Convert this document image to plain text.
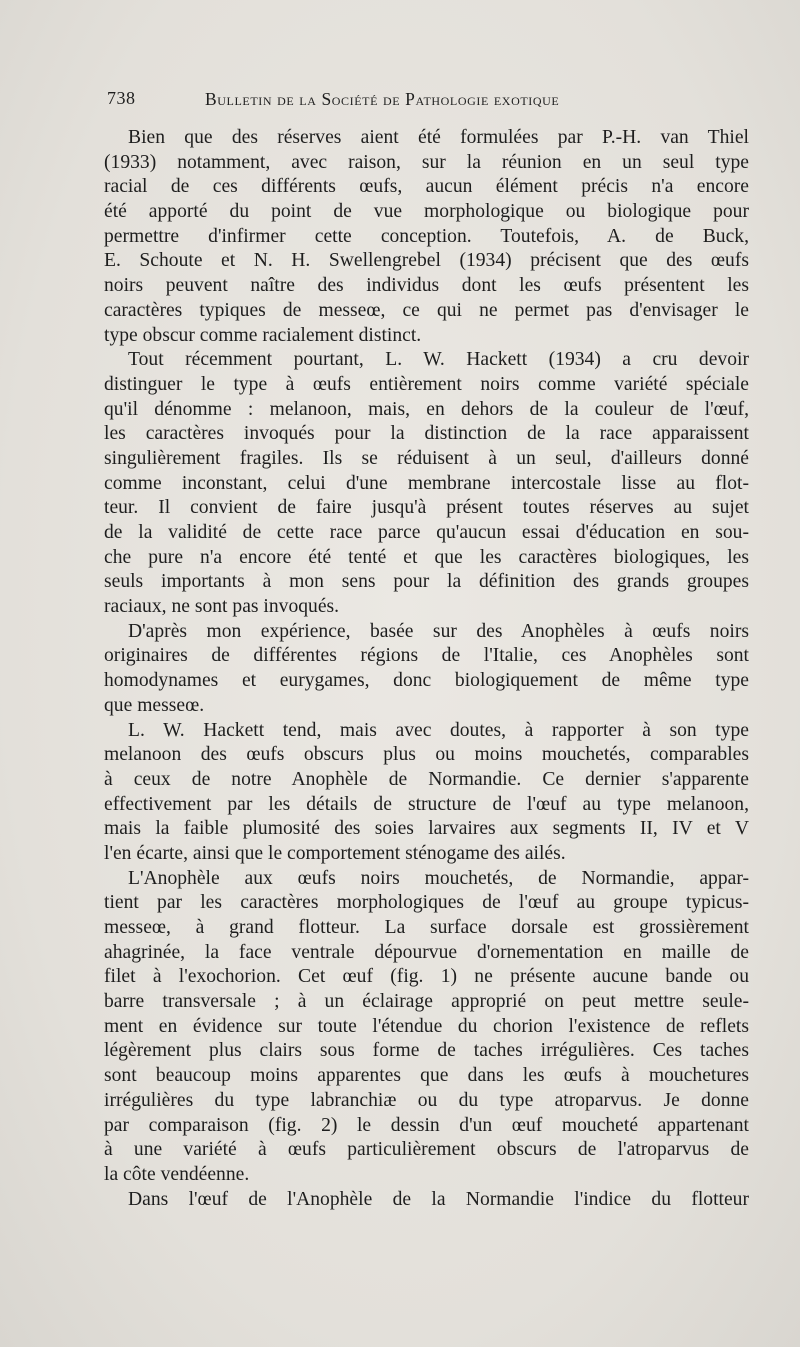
738	Bulletin de la Société de Pathologie exotique
Bien que des réserves aient été formulées par P.-H. van Thiel
(1933) notamment, avec raison, sur la réunion en un seul type
racial de ces différents œufs, aucun élément précis n'a encore
été apporté du point de vue morphologique ou biologique pour
permettre d'infirmer cette conception. Toutefois, A. de Buck,
E. Schoute et N. H. Swellengrebel (1934) précisent que des œufs
noirs peuvent naître des individus dont les œufs présentent les
caractères typiques de messeœ, ce qui ne permet pas d'envisager le
type obscur comme racialement distinct.
Tout récemment pourtant, L. W. Hackett (1934) a cru devoir
distinguer le type à œufs entièrement noirs comme variété spéciale
qu'il dénomme : melanoon, mais, en dehors de la couleur de l'œuf,
les caractères invoqués pour la distinction de la race apparaissent
singulièrement fragiles. Ils se réduisent à un seul, d'ailleurs donné
comme inconstant, celui d'une membrane intercostale lisse au flot-
teur. Il convient de faire jusqu'à présent toutes réserves au sujet
de la validité de cette race parce qu'aucun essai d'éducation en sou-
che pure n'a encore été tenté et que les caractères biologiques, les
seuls importants à mon sens pour la définition des grands groupes
raciaux, ne sont pas invoqués.
D'après mon expérience, basée sur des Anophèles à œufs noirs
originaires de différentes régions de l'Italie, ces Anophèles sont
homodynames et eurygames, donc biologiquement de même type
que messeœ.
L. W. Hackett tend, mais avec doutes, à rapporter à son type
melanoon des œufs obscurs plus ou moins mouchetés, comparables
à ceux de notre Anophèle de Normandie. Ce dernier s'apparente
effectivement par les détails de structure de l'œuf au type melanoon,
mais la faible plumosité des soies larvaires aux segments II, IV et V
l'en écarte, ainsi que le comportement sténogame des ailés.
L'Anophèle aux œufs noirs mouchetés, de Normandie, appar-
tient par les caractères morphologiques de l'œuf au groupe typicus-
messeœ, à grand flotteur. La surface dorsale est grossièrement
ahagrinée, la face ventrale dépourvue d'ornementation en maille de
filet à l'exochorion. Cet œuf (fig. 1) ne présente aucune bande ou
barre transversale ; à un éclairage approprié on peut mettre seule-
ment en évidence sur toute l'étendue du chorion l'existence de reflets
légèrement plus clairs sous forme de taches irrégulières. Ces taches
sont beaucoup moins apparentes que dans les œufs à mouchetures
irrégulières du type labranchiæ ou du type atroparvus. Je donne
par comparaison (fig. 2) le dessin d'un œuf moucheté appartenant
à une variété à œufs particulièrement obscurs de l'atroparvus de
la côte vendéenne.
Dans l'œuf de l'Anophèle de la Normandie l'indice du flotteur
